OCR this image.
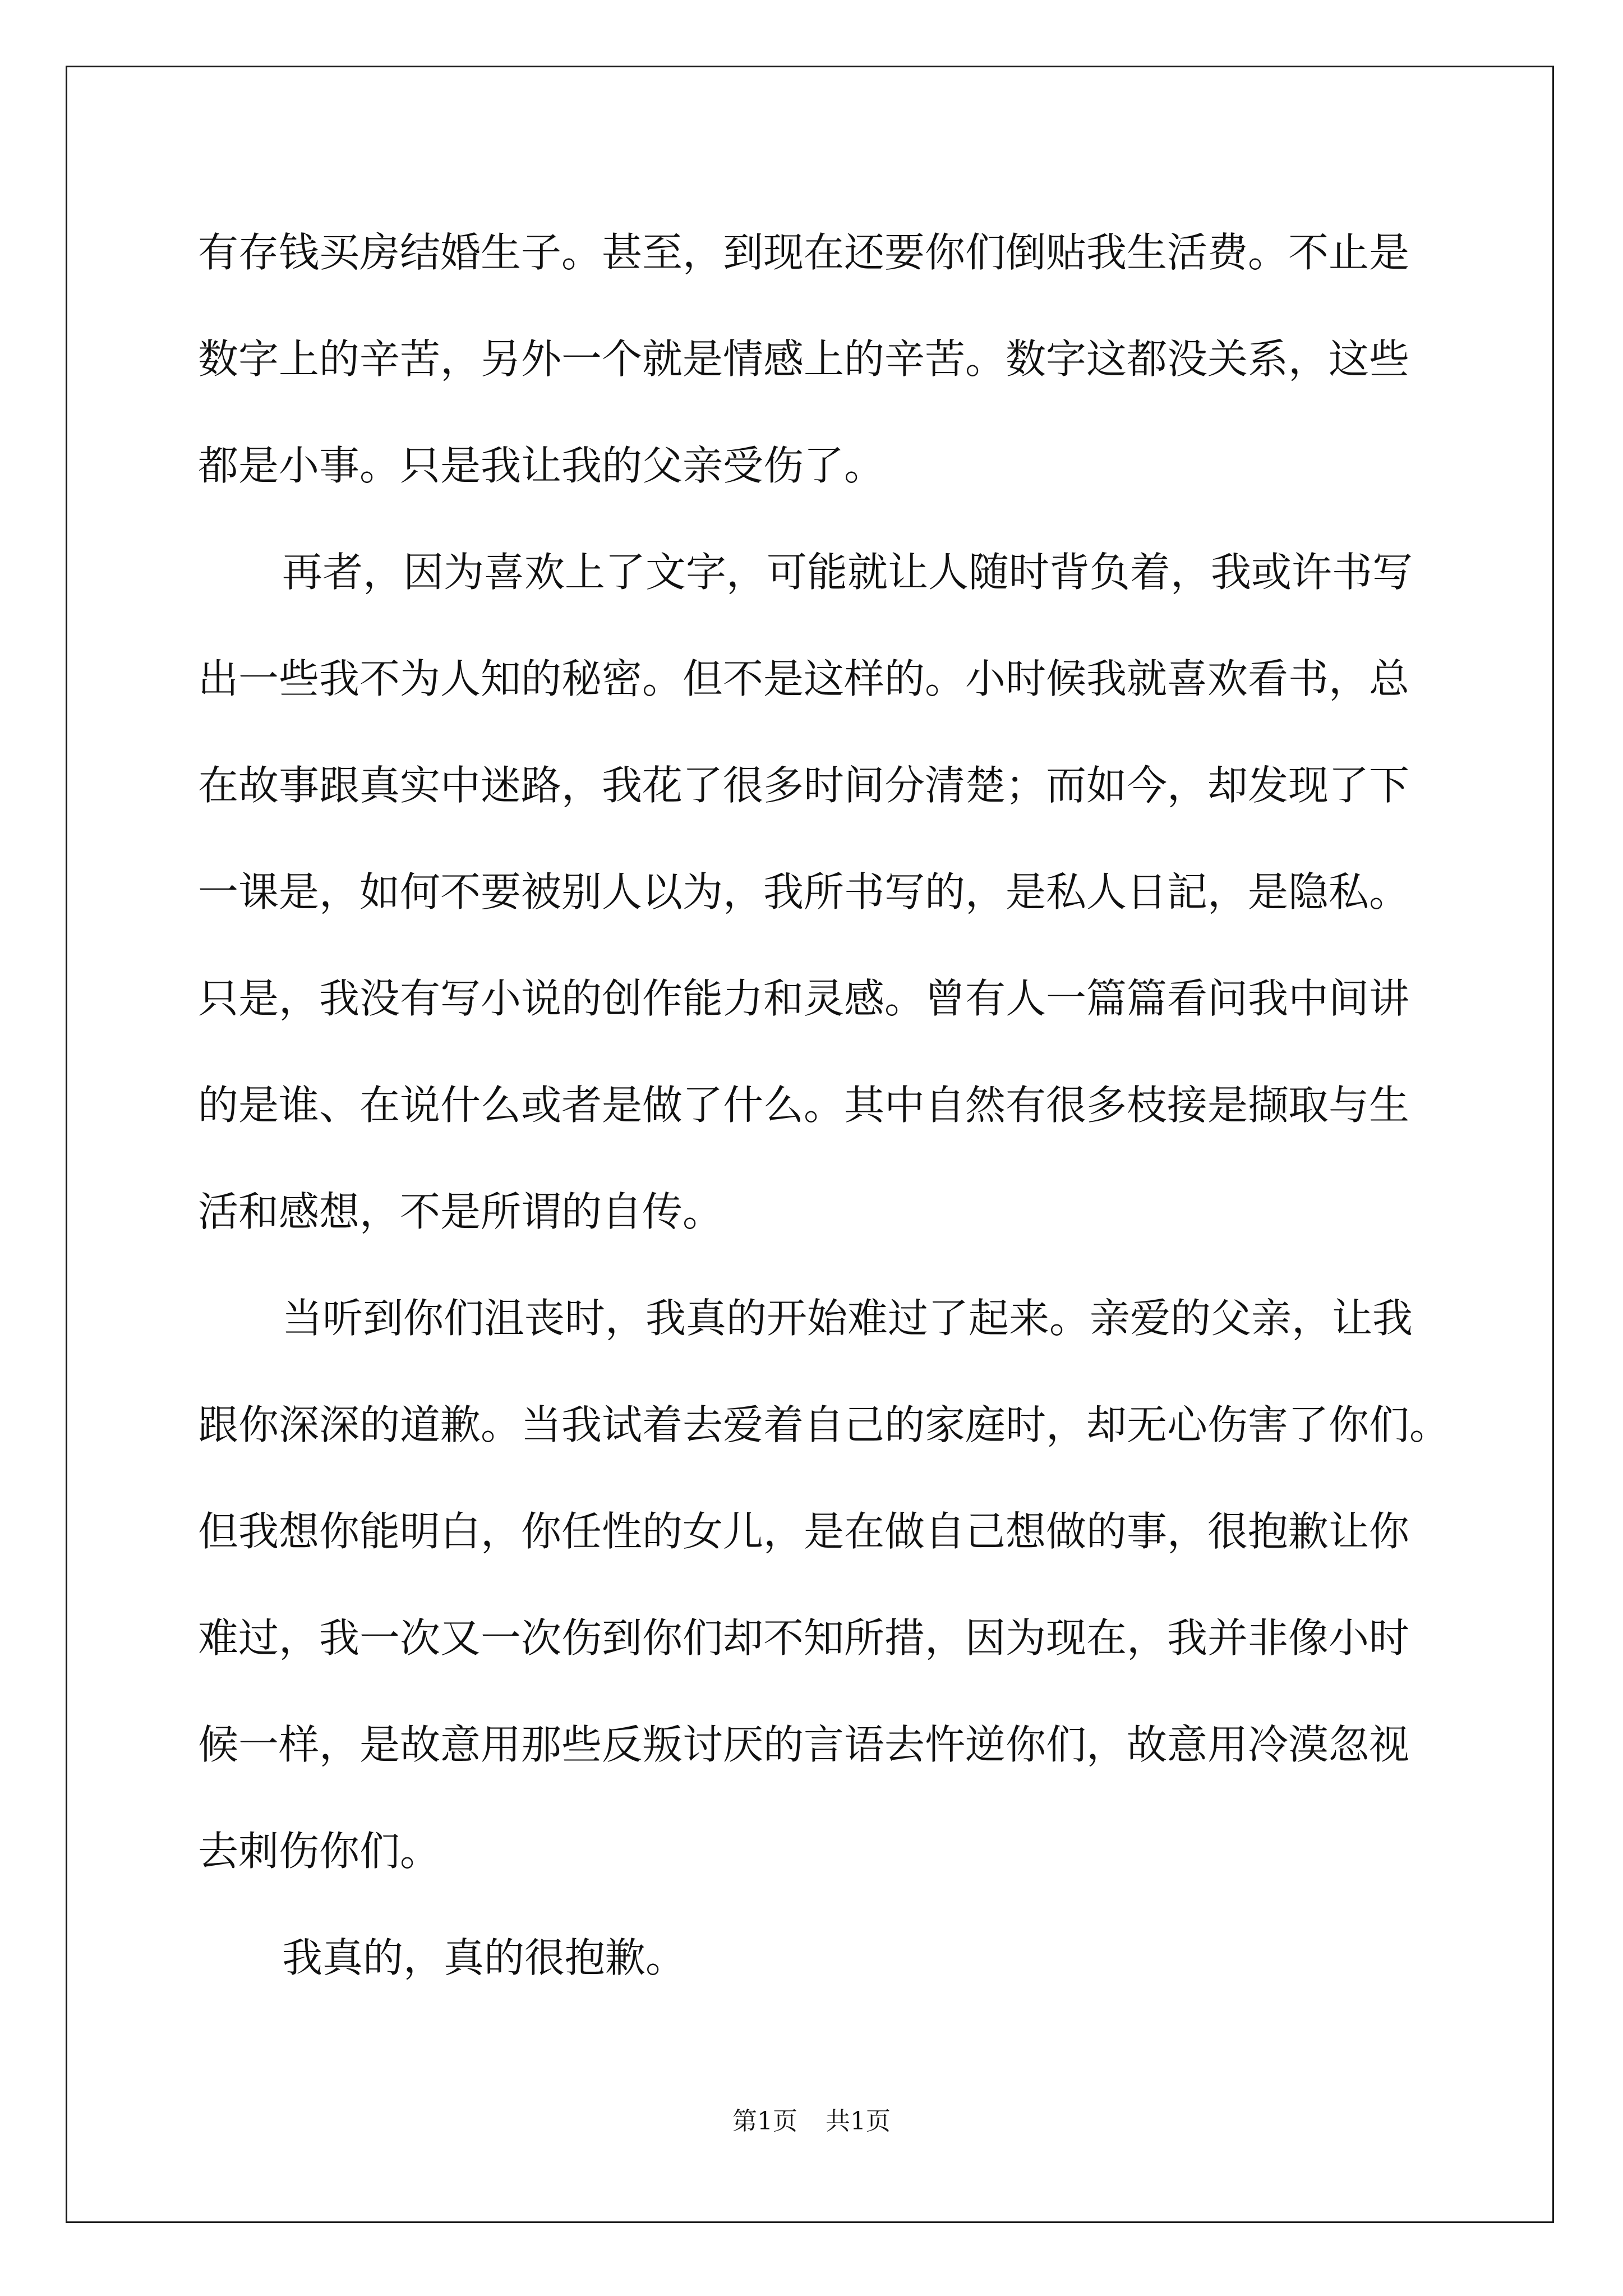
有存钱买房结婚生子。甚至，到现在还要你们倒贴我生活费。不止是
数字上的辛苦，另外一个就是情感上的辛苦。数字这都没关系，这些
都是小事。只是我让我的父亲受伤了。
再者，因为喜欢上了文字，可能就让人随时背负着，我或许书写
出一些我不为人知的秘密。但不是这样的。小时候我就喜欢看书，总
在故事跟真实中迷路，我花了很多时间分清楚；而如今，却发现了下
一课是，如何不要被别人以为，我所书写的，是私人日記，是隐私。
只是，我没有写小说的创作能力和灵感。曾有人一篇篇看问我中间讲
的是谁、在说什么或者是做了什么。其中自然有很多枝接是撷取与生
活和感想，不是所谓的自传。
当听到你们沮丧时，我真的开始难过了起来。亲爱的父亲，让我
跟你深深的道歉。当我试着去爱着自己的家庭时，却无心伤害了你们。
但我想你能明白，你任性的女儿，是在做自己想做的事，很抱歉让你
难过，我一次又一次伤到你们却不知所措，因为现在，我并非像小时
候一样，是故意用那些反叛讨厌的言语去忤逆你们，故意用冷漠忽视
去刺伤你们。
我真的，真的很抱歉。
第1页 共1页
